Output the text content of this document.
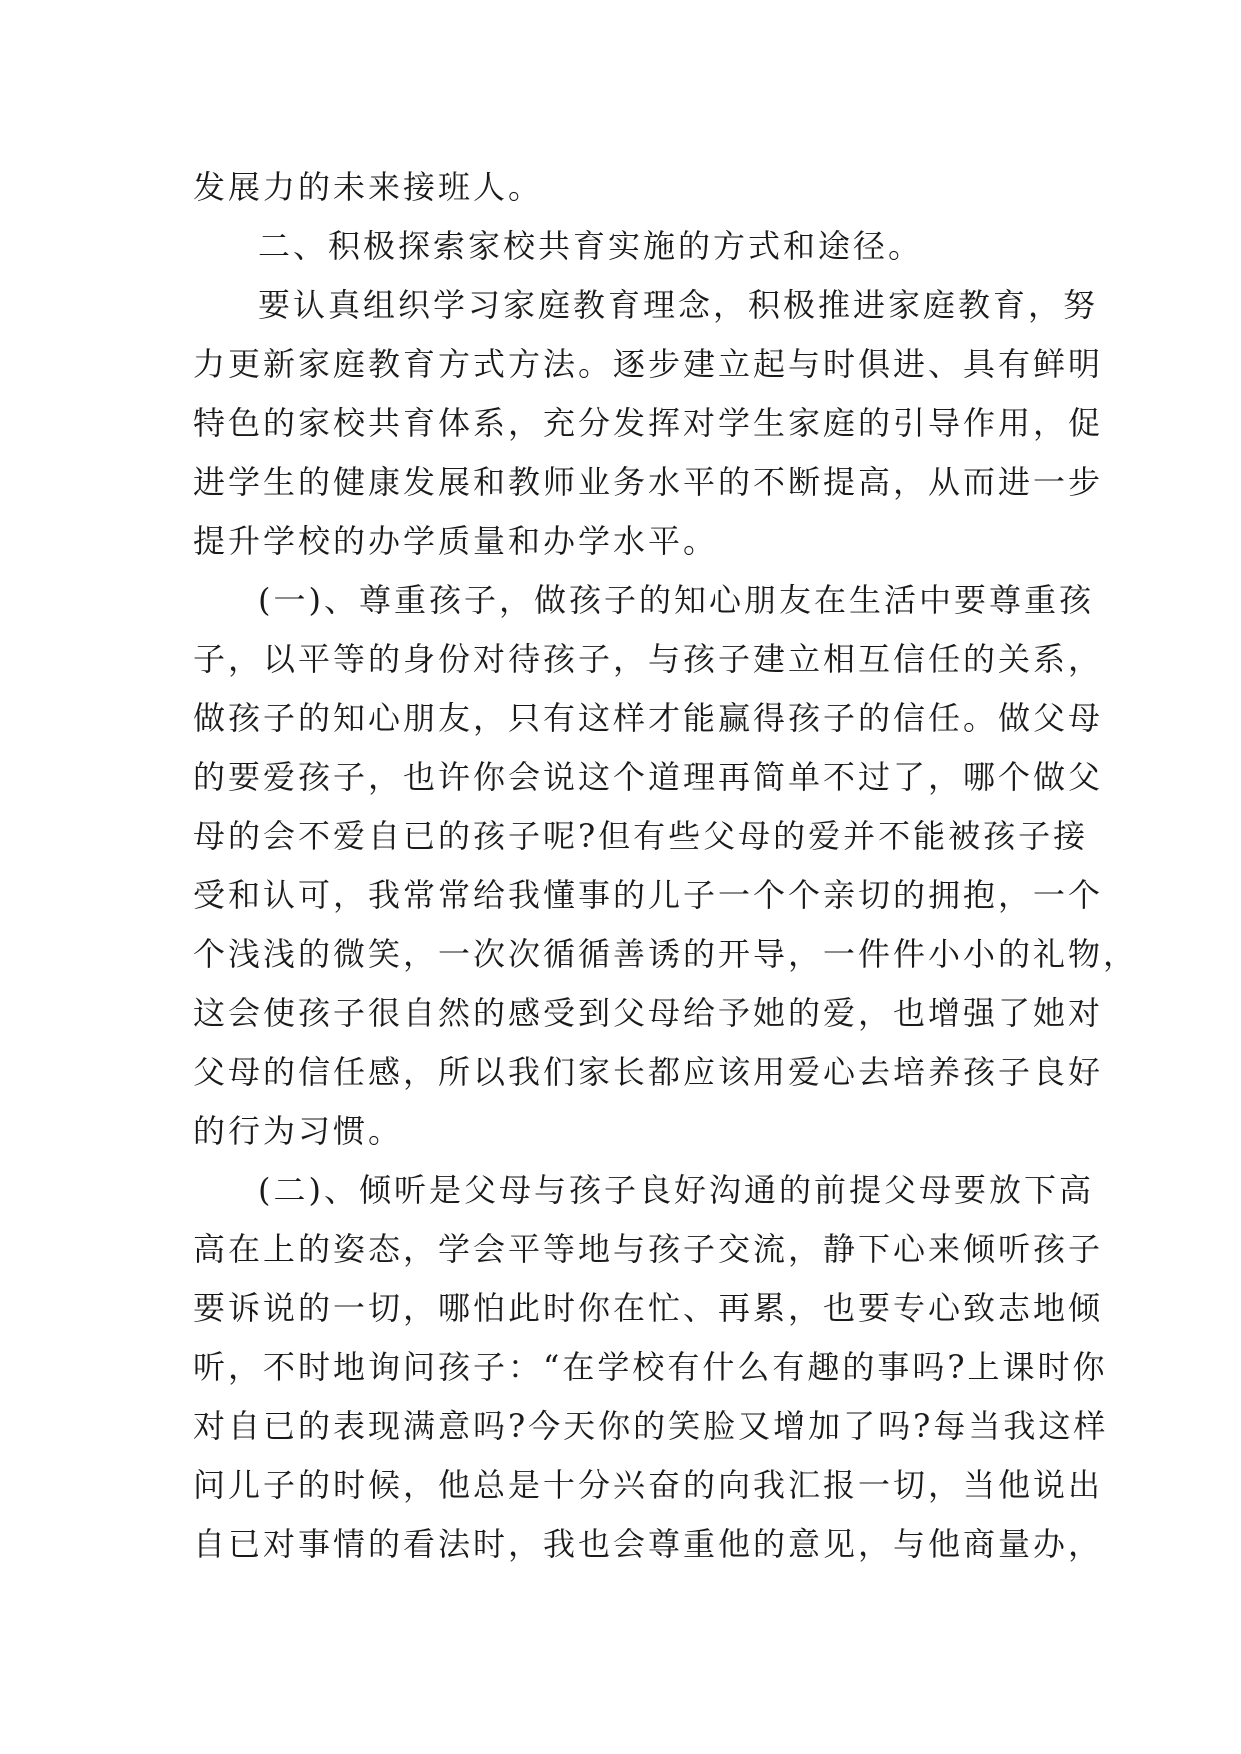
发展力的未来接班人。
二、积极探索家校共育实施的方式和途径。
要认真组织学习家庭教育理念，积极推进家庭教育，努
力更新家庭教育方式方法。逐步建立起与时俱进、具有鲜明
特色的家校共育体系，充分发挥对学生家庭的引导作用，促
进学生的健康发展和教师业务水平的不断提高，从而进一步
提升学校的办学质量和办学水平。
(一)、尊重孩子，做孩子的知心朋友在生活中要尊重孩
子，以平等的身份对待孩子，与孩子建立相互信任的关系，
做孩子的知心朋友，只有这样才能赢得孩子的信任。做父母
的要爱孩子，也许你会说这个道理再简单不过了，哪个做父
母的会不爱自已的孩子呢?但有些父母的爱并不能被孩子接
受和认可，我常常给我懂事的儿子一个个亲切的拥抱，一个
个浅浅的微笑，一次次循循善诱的开导，一件件小小的礼物，
这会使孩子很自然的感受到父母给予她的爱，也增强了她对
父母的信任感，所以我们家长都应该用爱心去培养孩子良好
的行为习惯。
(二)、倾听是父母与孩子良好沟通的前提父母要放下高
高在上的姿态，学会平等地与孩子交流，静下心来倾听孩子
要诉说的一切，哪怕此时你在忙、再累，也要专心致志地倾
听，不时地询问孩子：“在学校有什么有趣的事吗?上课时你
对自已的表现满意吗?今天你的笑脸又增加了吗?每当我这样
问儿子的时候，他总是十分兴奋的向我汇报一切，当他说出
自已对事情的看法时，我也会尊重他的意见，与他商量办，
